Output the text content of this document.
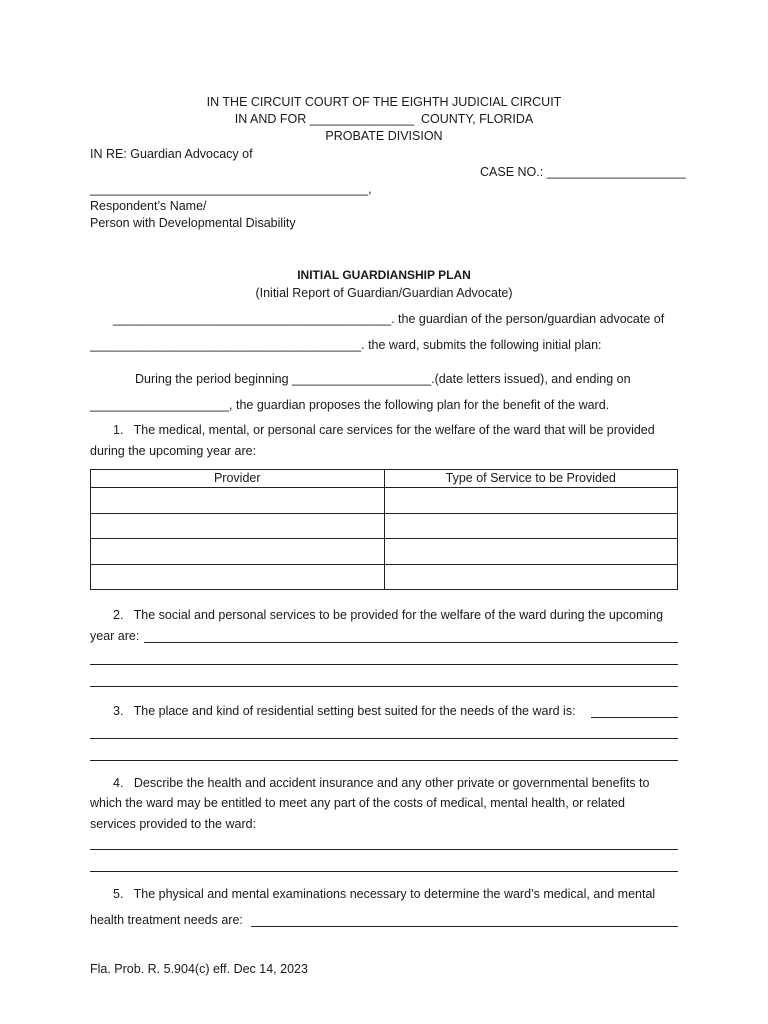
IN THE CIRCUIT COURT OF THE EIGHTH JUDICIAL CIRCUIT
IN AND FOR _______________  COUNTY, FLORIDA
PROBATE DIVISION
IN RE: Guardian Advocacy of
CASE NO.: ____________________
________________________________________,
Respondent’s Name/
Person with Developmental Disability
INITIAL GUARDIANSHIP PLAN
(Initial Report of Guardian/Guardian Advocate)
________________________________________. the guardian of the person/guardian advocate of
_______________________________________. the ward, submits the following initial plan:
During the period beginning ____________________.(date letters issued), and ending on
____________________, the guardian proposes the following plan for the benefit of the ward.
1.   The medical, mental, or personal care services for the welfare of the ward that will be provided
during the upcoming year are:
Provider	Type of Service to be Provided

2.   The social and personal services to be provided for the welfare of the ward during the upcoming
year are:
3.   The place and kind of residential setting best suited for the needs of the ward is:
4.   Describe the health and accident insurance and any other private or governmental benefits to
which the ward may be entitled to meet any part of the costs of medical, mental health, or related
services provided to the ward:
5.   The physical and mental examinations necessary to determine the ward’s medical, and mental
health treatment needs are:
Fla. Prob. R. 5.904(c) eff. Dec 14, 2023
